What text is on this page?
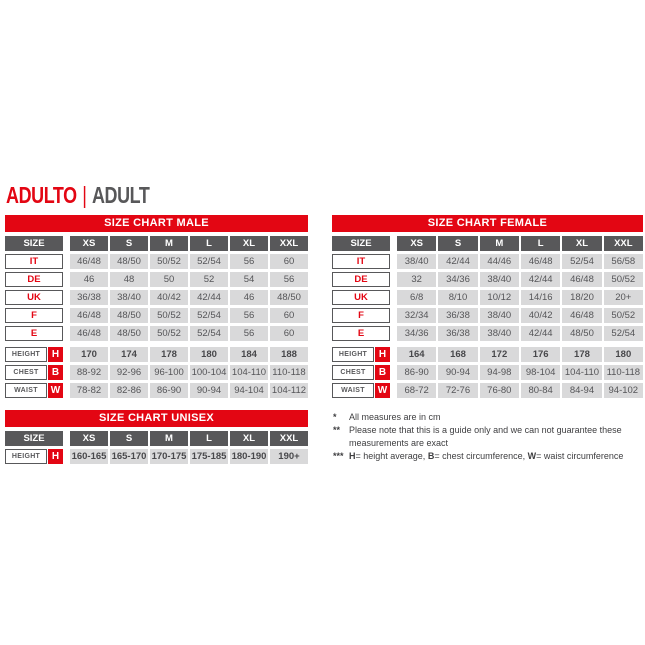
ADULTO | ADULT
SIZE CHART MALE
SIZE	XS	S	M	L	XL	XXL
IT	46/48	48/50	50/52	52/54	56	60
DE	46	48	50	52	54	56
UK	36/38	38/40	40/42	42/44	46	48/50
F	46/48	48/50	50/52	52/54	56	60
E	46/48	48/50	50/52	52/54	56	60
HEIGHT	H	170	174	178	180	184	188
CHEST	B	88-92	92-96	96-100 100-104 104-110 110-118
WAIST	W	78-82	82-86	86-90	90-94	94-104 104-112
SIZE CHART FEMALE
SIZE	XS	S	M	L	XL	XXL
IT	38/40	42/44	44/46	46/48	52/54	56/58
DE	32	34/36	38/40	42/44	46/48	50/52
UK	6/8	8/10	10/12	14/16	18/20	20+
F	32/34	36/38	38/40	40/42	46/48	50/52
E	34/36	36/38	38/40	42/44	48/50	52/54
HEIGHT	H	164	168	172	176	178	180
CHEST	B	86-90	90-94	94-98	98-104 104-110 110-118
WAIST	W	68-72	72-76	76-80	80-84	84-94	94-102
SIZE CHART UNISEX
SIZE	XS	S	M	L	XL	XXL
HEIGHT	H	160-165 165-170 170-175 175-185 180-190	190+
*	All measures are in cm
** Please note that this is a guide only and we can not guarantee these measurements are exact
*** H= height average, B= chest circumference, W= waist circumference
